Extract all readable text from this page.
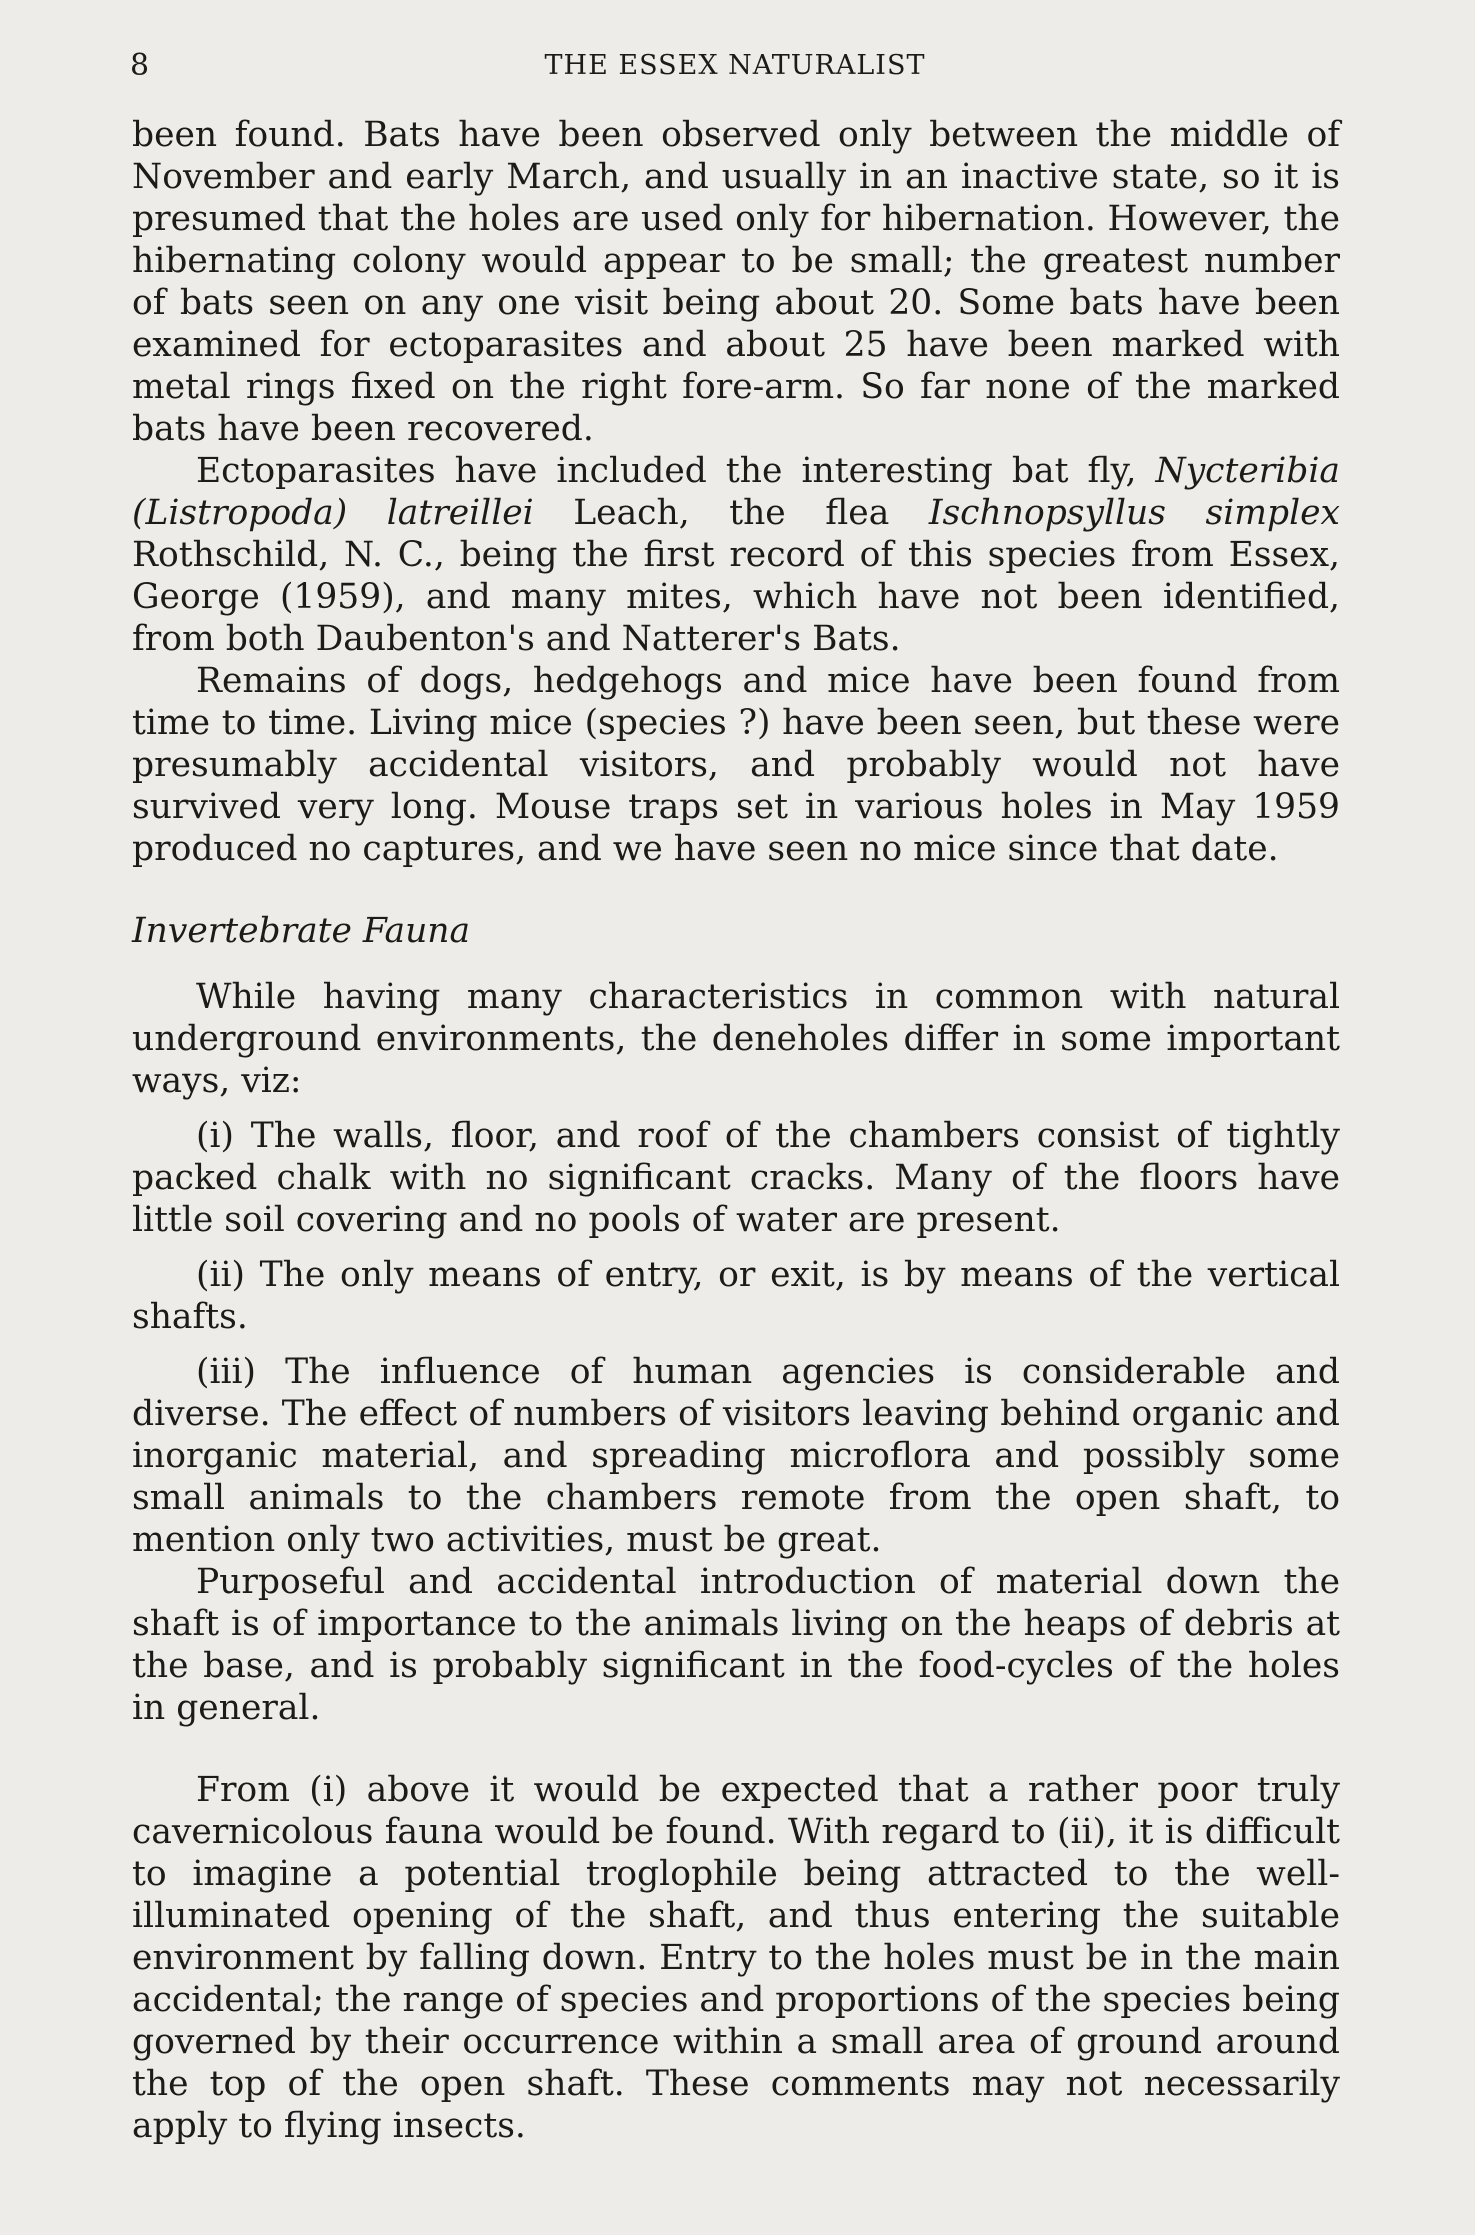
8	THE ESSEX NATURALIST

been found. Bats have been observed only between the middle of November and early March, and usually in an inactive state, so it is presumed that the holes are used only for hibernation. However, the hibernating colony would appear to be small; the greatest number of bats seen on any one visit being about 20. Some bats have been examined for ectoparasites and about 25 have been marked with metal rings fixed on the right fore-arm. So far none of the marked bats have been recovered.

Ectoparasites have included the interesting bat fly, Nycteribia (Listropoda) latreillei Leach, the flea Ischnopsyllus simplex Rothschild, N. C., being the first record of this species from Essex, George (1959), and many mites, which have not been identified, from both Daubenton's and Natterer's Bats.

Remains of dogs, hedgehogs and mice have been found from time to time. Living mice (species ?) have been seen, but these were presumably accidental visitors, and probably would not have survived very long. Mouse traps set in various holes in May 1959 produced no captures, and we have seen no mice since that date.

Invertebrate Fauna

While having many characteristics in common with natural underground environments, the deneholes differ in some important ways, viz:

(i) The walls, floor, and roof of the chambers consist of tightly packed chalk with no significant cracks. Many of the floors have little soil covering and no pools of water are present.

(ii) The only means of entry, or exit, is by means of the vertical shafts.

(iii) The influence of human agencies is considerable and diverse. The effect of numbers of visitors leaving behind organic and inorganic material, and spreading microflora and possibly some small animals to the chambers remote from the open shaft, to mention only two activities, must be great.

Purposeful and accidental introduction of material down the shaft is of importance to the animals living on the heaps of debris at the base, and is probably significant in the food-cycles of the holes in general.

From (i) above it would be expected that a rather poor truly cavernicolous fauna would be found. With regard to (ii), it is difficult to imagine a potential troglophile being attracted to the well-illuminated opening of the shaft, and thus entering the suitable environment by falling down. Entry to the holes must be in the main accidental; the range of species and proportions of the species being governed by their occurrence within a small area of ground around the top of the open shaft. These comments may not necessarily apply to flying insects.
